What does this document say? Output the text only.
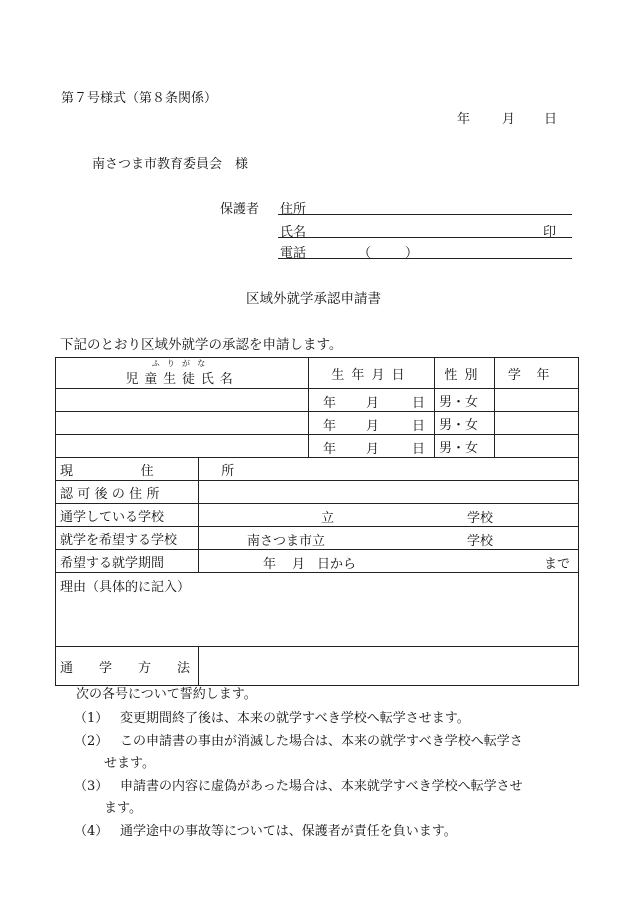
第７号様式（第８条関係）
年 月 日
南さつま市教育委員会　様
保護者 住所
氏名	印
電話	（	）
区域外就学承認申請書
下記のとおり区域外就学の承認を申請します。
ふりがな
児童生徒氏名		生年月日	性別	学年

		年 月 日	男・女	

		年 月 日	男・女	

		年 月 日	男・女	
現　住　所				
認可後の住所				
通学している学校	立 学校			

就学を希望する学校	南さつま市立 学校			

希望する就学期間	年 月 日から まで			

理由（具体的に記入）				
通　学　方　法				
次の各号について誓約します。
（1） 変更期間終了後は、本来の就学すべき学校へ転学させます。
（2） この申請書の事由が消滅した場合は、本来の就学すべき学校へ転学さ
せます。
（3） 申請書の内容に虚偽があった場合は、本来就学すべき学校へ転学させ
ます。
（4） 通学途中の事故等については、保護者が責任を負います。
